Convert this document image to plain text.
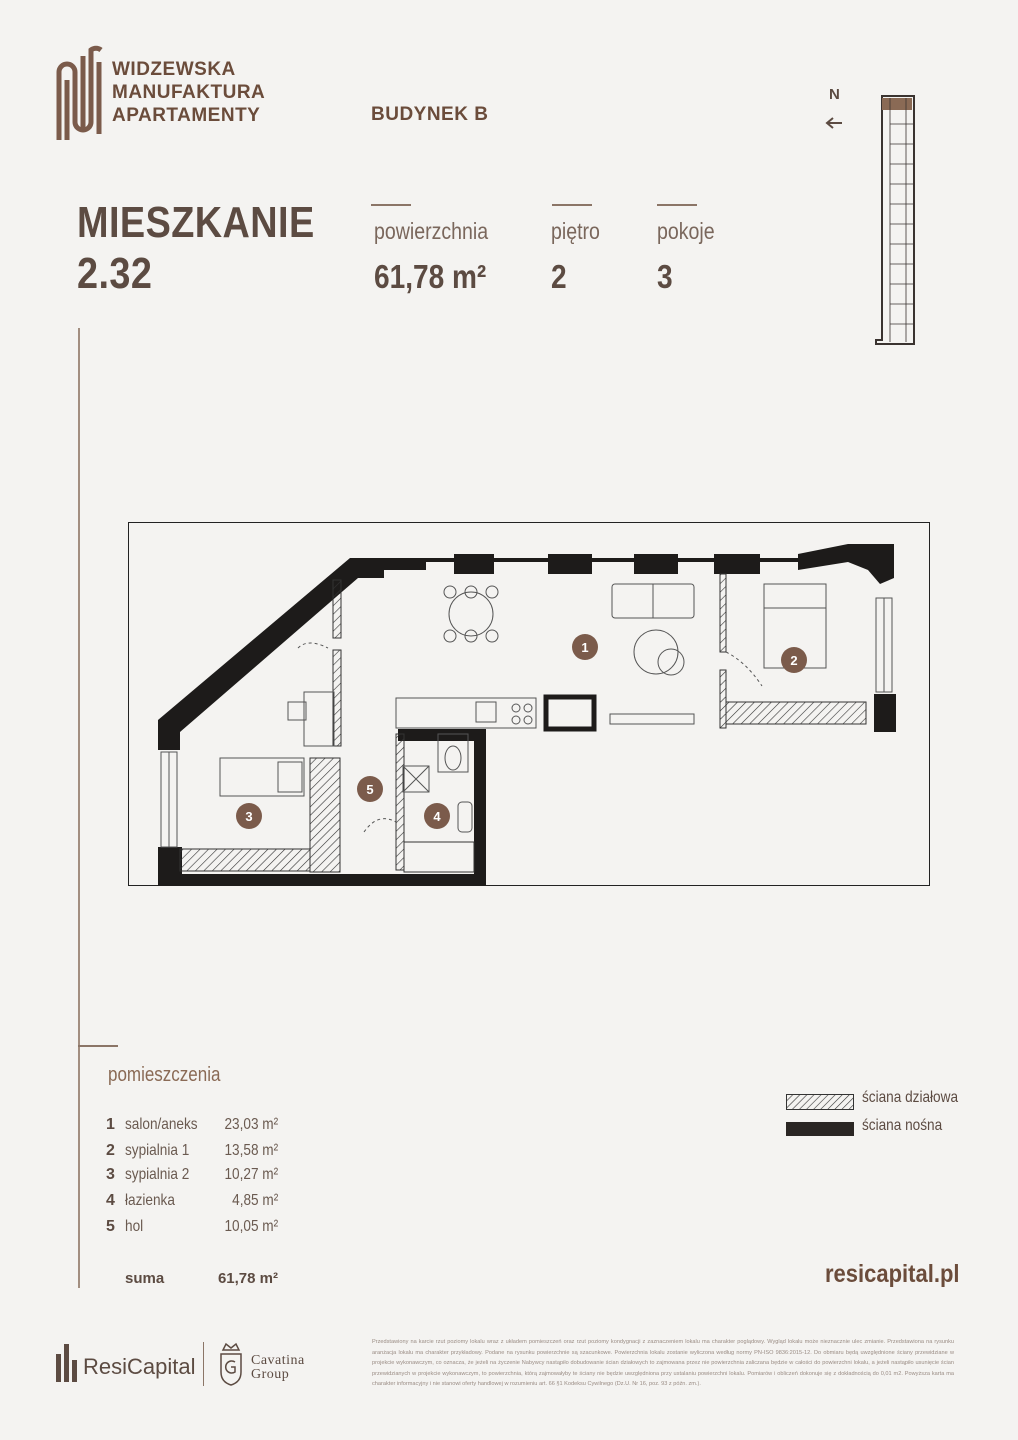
WIDZEWSKA
MANUFAKTURA
APARTAMENTY	BUDYNEK B
N
MIESZKANIE
2.32
powierzchnia
61,78 m²
piętro
2
pokoje
3
1
2
3	4
5
pomieszczenia
1 salon/aneks 23,03 m²
2 sypialnia 1 13,58 m²
3 sypialnia 2 10,27 m²
4 łazienka	4,85 m²
5 hol	10,05 m²
suma	61,78 m²
ściana działowa
ściana nośna
resicapital.pl
ResiCapital	Cavatina
Group
Przedstawiony na karcie rzut poziomy lokalu wraz z układem pomieszczeń oraz rzut poziomy kondygnacji z zaznaczeniem lokalu ma charakter poglądowy. Wygląd lokalu może nieznacznie ulec zmianie. Przedstawiona na rysunku aranżacja lokalu ma charakter przykładowy. Podane na rysunku powierzchnie są szacunkowe. Powierzchnia lokalu zostanie wyliczona według normy PN-ISO 9836:2015-12. Do obmiaru będą uwzględnione ściany przewidziane w projekcie wykonawczym, co oznacza, że jeżeli na życzenie Nabywcy nastąpiło dobudowanie ścian działowych to zajmowana przez nie powierzchnia zaliczana będzie w całości do powierzchni lokalu, a jeżeli nastąpiło usunięcie ścian przewidzianych w projekcie wykonawczym, to powierzchnia, którą zajmowałyby te ściany nie będzie uwzględniona przy ustalaniu powierzchni lokalu. Pomiarów i obliczeń dokonuje się z dokładnością do 0,01 m2. Powyższa karta ma charakter informacyjny i nie stanowi oferty handlowej w rozumieniu art. 66 §1 Kodeksu Cywilnego (Dz.U. Nr 16, poz. 93 z późn. zm.).
